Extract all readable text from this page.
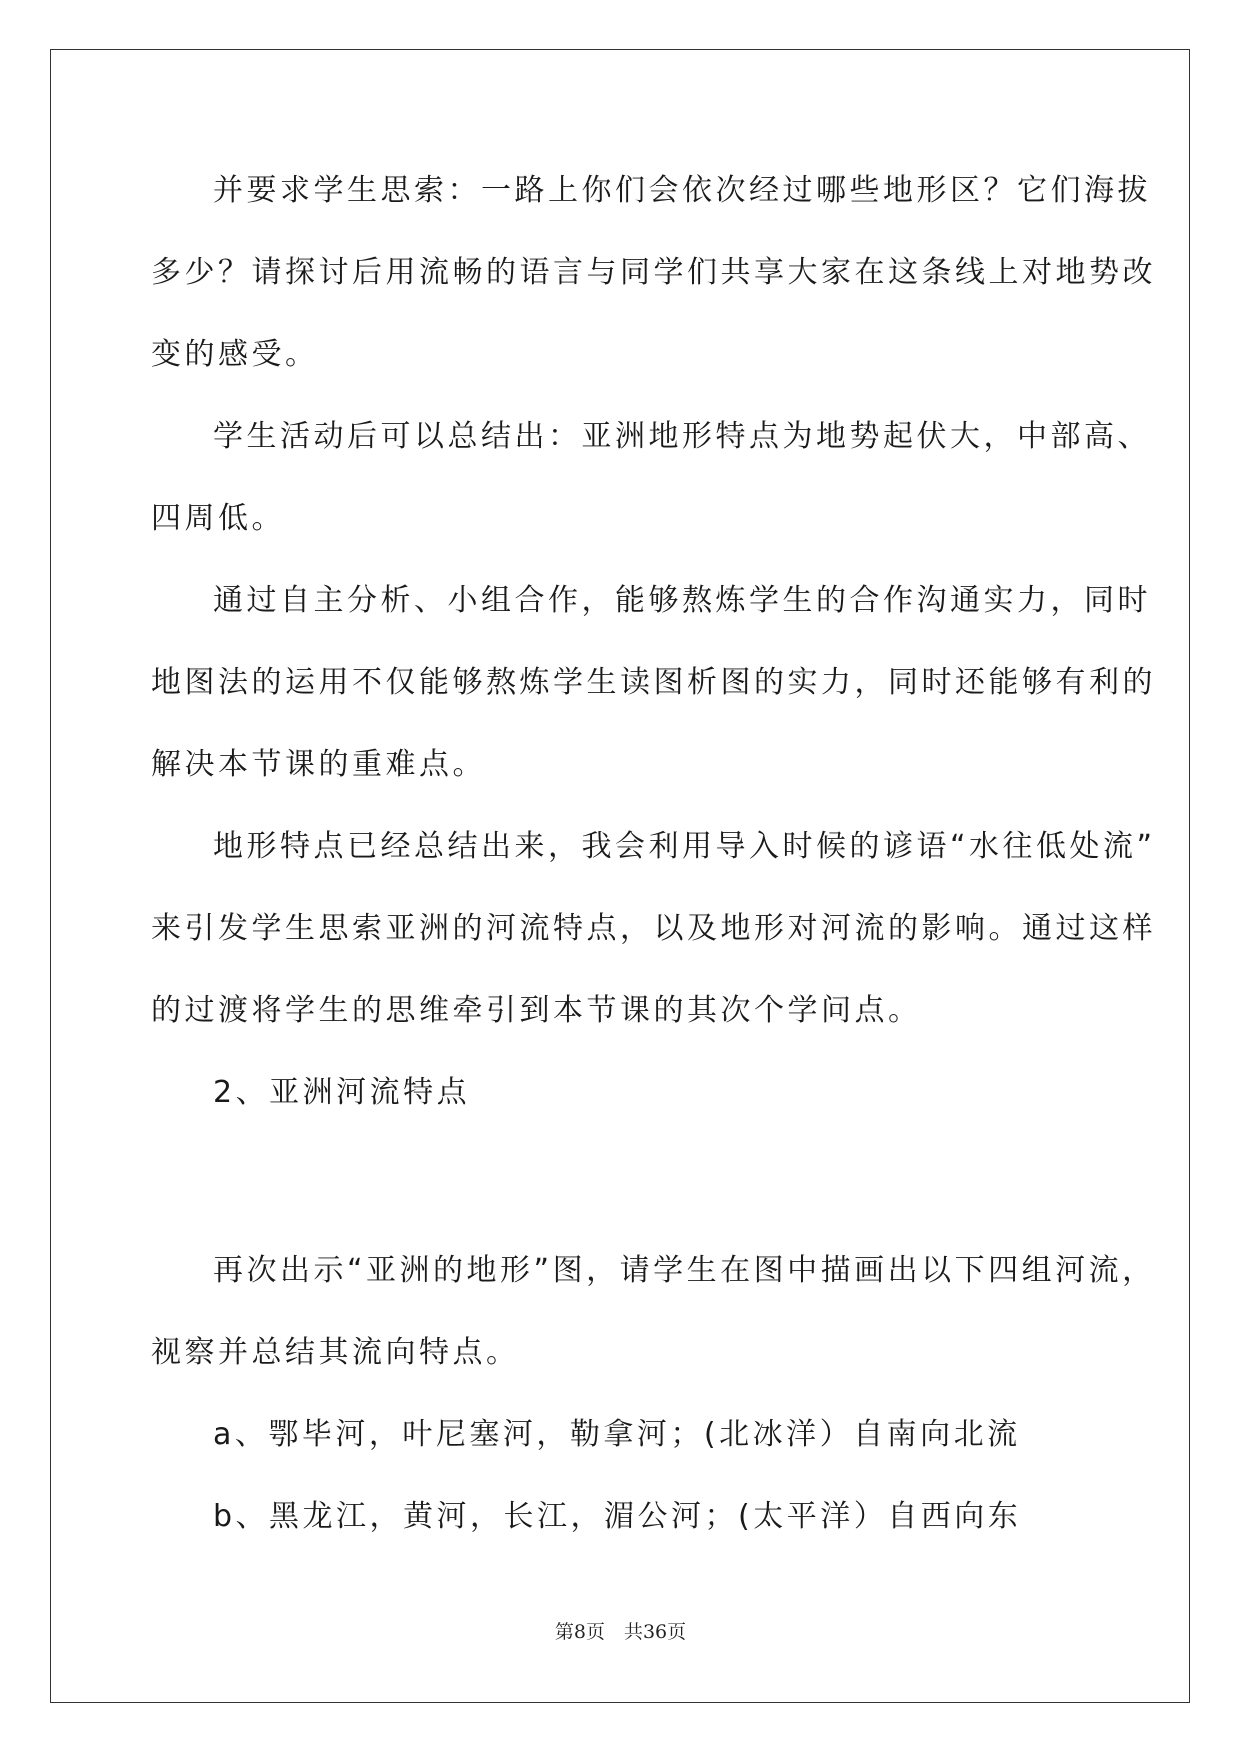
并要求学生思索：一路上你们会依次经过哪些地形区？它们海拔
多少？请探讨后用流畅的语言与同学们共享大家在这条线上对地势改
变的感受。
学生活动后可以总结出：亚洲地形特点为地势起伏大，中部高、
四周低。
通过自主分析、小组合作，能够熬炼学生的合作沟通实力，同时
地图法的运用不仅能够熬炼学生读图析图的实力，同时还能够有利的
解决本节课的重难点。
地形特点已经总结出来，我会利用导入时候的谚语“水往低处流”
来引发学生思索亚洲的河流特点，以及地形对河流的影响。通过这样
的过渡将学生的思维牵引到本节课的其次个学问点。
2、亚洲河流特点
再次出示“亚洲的地形”图，请学生在图中描画出以下四组河流，
视察并总结其流向特点。
a、鄂毕河，叶尼塞河，勒拿河；(北冰洋）自南向北流
b、黑龙江，黄河，长江，湄公河；(太平洋）自西向东
第8页　共36页
